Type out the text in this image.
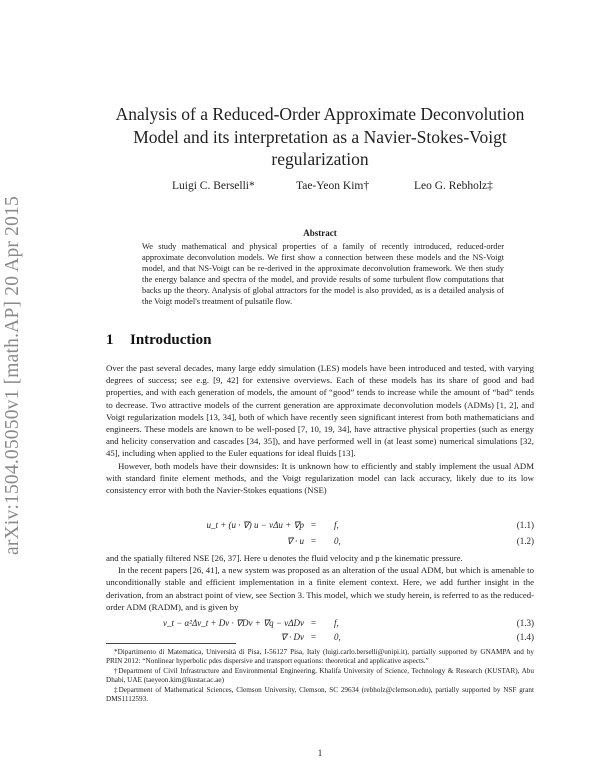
arXiv:1504.05050v1 [math.AP] 20 Apr 2015
Analysis of a Reduced-Order Approximate Deconvolution Model and its interpretation as a Navier-Stokes-Voigt regularization
Luigi C. Berselli*	Tae-Yeon Kim†	Leo G. Rebholz‡
Abstract
We study mathematical and physical properties of a family of recently introduced, reduced-order approximate deconvolution models. We first show a connection between these models and the NS-Voigt model, and that NS-Voigt can be re-derived in the approximate deconvolution framework. We then study the energy balance and spectra of the model, and provide results of some turbulent flow computations that backs up the theory. Analysis of global attractors for the model is also provided, as is a detailed analysis of the Voigt model's treatment of pulsatile flow.
1 Introduction

Over the past several decades, many large eddy simulation (LES) models have been introduced and tested, with varying degrees of success; see e.g. [9, 42] for extensive overviews. Each of these models has its share of good and bad properties, and with each generation of models, the amount of “good” tends to increase while the amount of “bad” tends to decrease. Two attractive models of the current generation are approximate deconvolution models (ADMs) [1, 2], and Voigt regularization models [13, 34], both of which have recently seen significant interest from both mathematicians and engineers. These models are known to be well-posed [7, 10, 19, 34], have attractive physical properties (such as energy and helicity conservation and cascades [34, 35]), and have performed well in (at least some) numerical simulations [32, 45], including when applied to the Euler equations for ideal fluids [13].

However, both models have their downsides: It is unknown how to efficiently and stably implement the usual ADM with standard finite element methods, and the Voigt regularization model can lack accuracy, likely due to its low consistency error with both the Navier-Stokes equations (NSE)

u_t + (u · ∇) u − νΔu + ∇p = f,	(1.1)
∇ · u = 0,	(1.2)

and the spatially filtered NSE [26, 37]. Here u denotes the fluid velocity and p the kinematic pressure.

In the recent papers [26, 41], a new system was proposed as an alteration of the usual ADM, but which is amenable to unconditionally stable and efficient implementation in a finite element context. Here, we add further insight in the derivation, from an abstract point of view, see Section 3. This model, which we study herein, is referred to as the reduced-order ADM (RADM), and is given by

v_t − α²Δv_t + Dv · ∇Dv + ∇q − νΔDv = f,	(1.3)
∇ · Dv = 0,	(1.4)

*Dipartimento di Matematica, Università di Pisa, I-56127 Pisa, Italy (luigi.carlo.berselli@unipi.it), partially supported by GNAMPA and by PRIN 2012: “Nonlinear hyperbolic pdes dispersive and transport equations: theoretical and applicative aspects.”

†Department of Civil Infrastructure and Environmental Engineering, Khalifa University of Science, Technology & Research (KUSTAR), Abu Dhabi, UAE (taeyeon.kim@kustar.ac.ae)

‡Department of Mathematical Sciences, Clemson University, Clemson, SC 29634 (rebholz@clemson.edu), partially supported by NSF grant DMS1112593.

1
